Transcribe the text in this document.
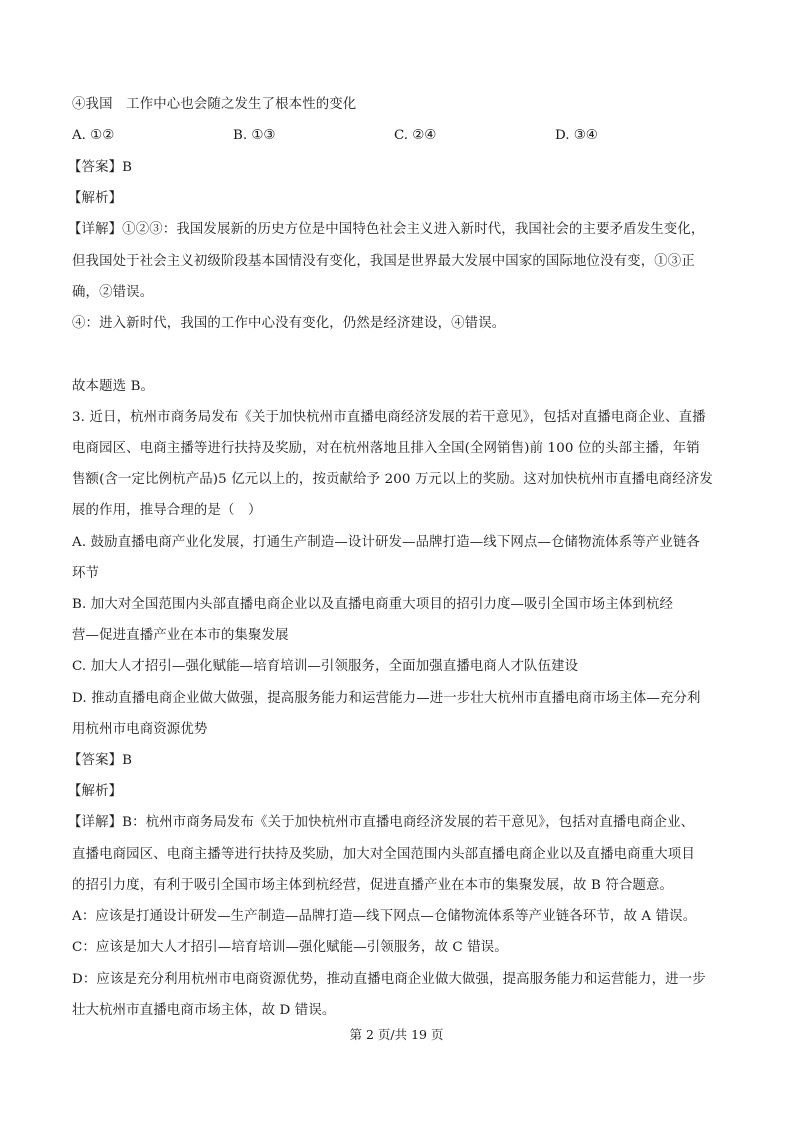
④我国　工作中心也会随之发生了根本性的变化
A. ①②	B. ①③	C. ②④	D. ③④
【答案】B
【解析】
【详解】①②③：我国发展新的历史方位是中国特色社会主义进入新时代，我国社会的主要矛盾发生变化，
但我国处于社会主义初级阶段基本国情没有变化，我国是世界最大发展中国家的国际地位没有变，①③正
确，②错误。
④：进入新时代，我国的工作中心没有变化，仍然是经济建设，④错误。
故本题选 B。
3. 近日，杭州市商务局发布《关于加快杭州市直播电商经济发展的若干意见》，包括对直播电商企业、直播
电商园区、电商主播等进行扶持及奖励，对在杭州落地且排入全国(全网销售)前 100 位的头部主播，年销
售额(含一定比例杭产品)5 亿元以上的，按贡献给予 200 万元以上的奖励。这对加快杭州市直播电商经济发
展的作用，推导合理的是（　）
A. 鼓励直播电商产业化发展，打通生产制造—设计研发—品牌打造—线下网点—仓储物流体系等产业链各
环节
B. 加大对全国范围内头部直播电商企业以及直播电商重大项目的招引力度—吸引全国市场主体到杭经
营—促进直播产业在本市的集聚发展
C. 加大人才招引—强化赋能—培育培训—引领服务，全面加强直播电商人才队伍建设
D. 推动直播电商企业做大做强，提高服务能力和运营能力—进一步壮大杭州市直播电商市场主体—充分利
用杭州市电商资源优势
【答案】B
【解析】
【详解】B：杭州市商务局发布《关于加快杭州市直播电商经济发展的若干意见》，包括对直播电商企业、
直播电商园区、电商主播等进行扶持及奖励，加大对全国范围内头部直播电商企业以及直播电商重大项目
的招引力度，有利于吸引全国市场主体到杭经营，促进直播产业在本市的集聚发展，故 B 符合题意。
A：应该是打通设计研发—生产制造—品牌打造—线下网点—仓储物流体系等产业链各环节，故 A 错误。
C：应该是加大人才招引—培育培训—强化赋能—引领服务，故 C 错误。
D：应该是充分利用杭州市电商资源优势，推动直播电商企业做大做强，提高服务能力和运营能力，进一步
壮大杭州市直播电商市场主体，故 D 错误。
第 2 页/共 19 页
